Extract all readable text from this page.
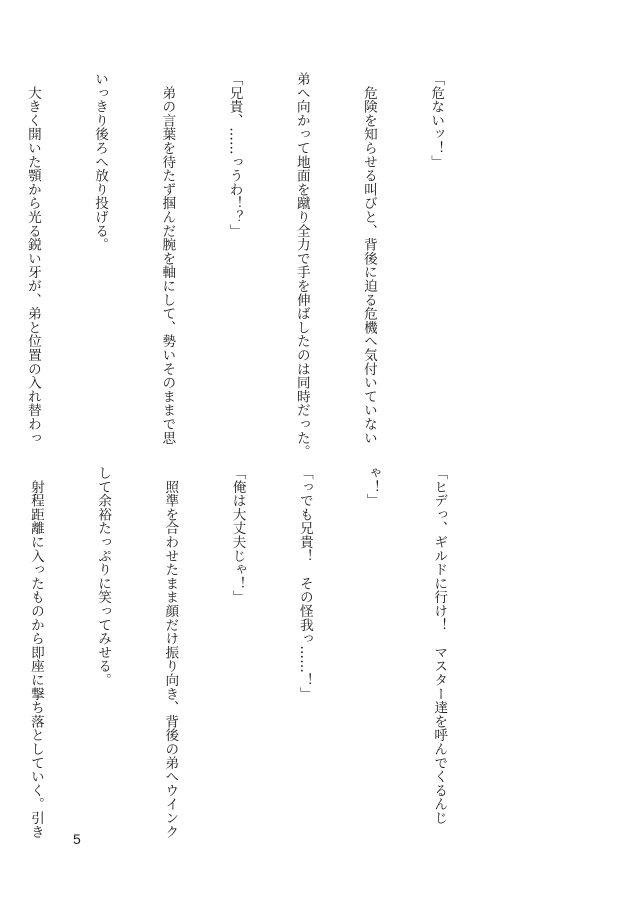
「危ないッ！」

　危険を知らせる叫びと、背後に迫る危機へ気付いていない

弟へ向かって地面を蹴り全力で手を伸ばしたのは同時だった。

「兄貴、……っうわ！？」

　弟の言葉を待たず掴んだ腕を軸にして、勢いそのままで思

いっきり後ろへ放り投げる。

　大きく開いた顎から光る鋭い牙が、弟と位置の入れ替わっ

「ヒデっ、ギルドに行け！　マスター達を呼んでくるんじ

ゃ！」

「っでも兄貴！　その怪我っ……！」

「俺は大丈夫じゃ！」

　照準を合わせたまま顔だけ振り向き、背後の弟へウインク

して余裕たっぷりに笑ってみせる。

　射程距離に入ったものから即座に撃ち落としていく。引き

5
